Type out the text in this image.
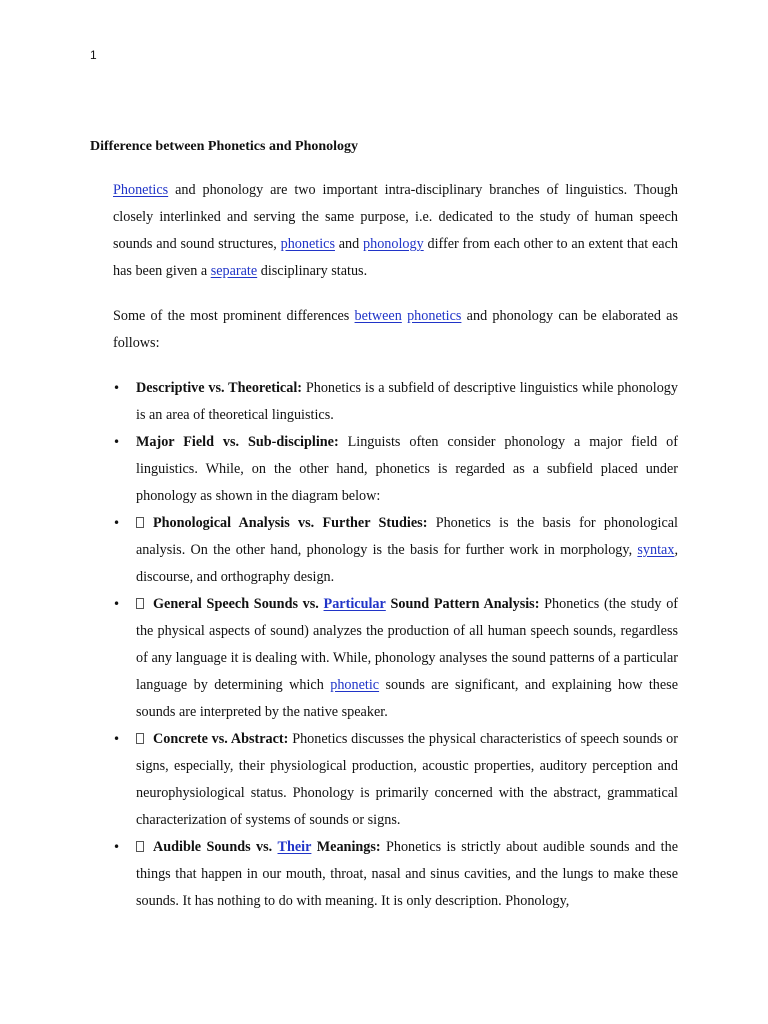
1
Difference between Phonetics and Phonology

Phonetics and phonology are two important intra-disciplinary branches of linguistics. Though closely interlinked and serving the same purpose, i.e. dedicated to the study of human speech sounds and sound structures, phonetics and phonology differ from each other to an extent that each has been given a separate disciplinary status.

Some of the most prominent differences between phonetics and phonology can be elaborated as follows:

• Descriptive vs. Theoretical: Phonetics is a subfield of descriptive linguistics while phonology is an area of theoretical linguistics.
• Major Field vs. Sub-discipline: Linguists often consider phonology a major field of linguistics. While, on the other hand, phonetics is regarded as a subfield placed under phonology as shown in the diagram below:
• Phonological Analysis vs. Further Studies: Phonetics is the basis for phonological analysis. On the other hand, phonology is the basis for further work in morphology, syntax, discourse, and orthography design.
• General Speech Sounds vs. Particular Sound Pattern Analysis: Phonetics (the study of the physical aspects of sound) analyzes the production of all human speech sounds, regardless of any language it is dealing with. While, phonology analyses the sound patterns of a particular language by determining which phonetic sounds are significant, and explaining how these sounds are interpreted by the native speaker.
• Concrete vs. Abstract: Phonetics discusses the physical characteristics of speech sounds or signs, especially, their physiological production, acoustic properties, auditory perception and neurophysiological status. Phonology is primarily concerned with the abstract, grammatical characterization of systems of sounds or signs.
• Audible Sounds vs. Their Meanings: Phonetics is strictly about audible sounds and the things that happen in our mouth, throat, nasal and sinus cavities, and the lungs to make these sounds. It has nothing to do with meaning. It is only description. Phonology,
